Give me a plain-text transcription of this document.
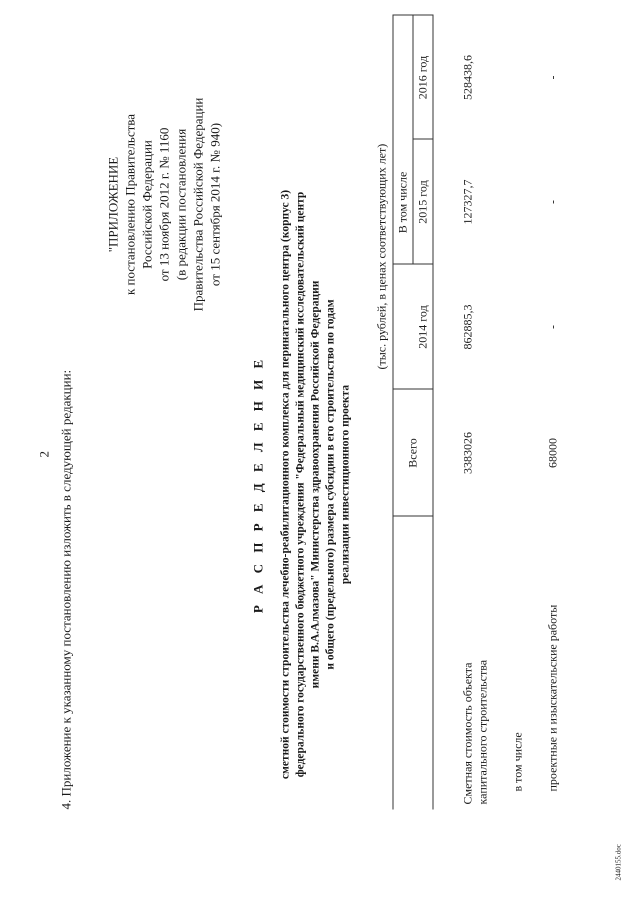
2 4. Приложение к указанному постановлению изложить в следующей редакции:
"ПРИЛОЖЕНИЕ к постановлению Правительства Российской Федерации от 13 ноября 2012 г. № 1160 (в редакции постановления Правительства Российской Федерации от 15 сентября 2014 г. № 940)
Р А С П Р Е Д Е Л Е Н И Е сметной стоимости строительства лечебно-реабилитационного комплекса для перинатального центра (корпус 3) федерального государственного бюджетного учреждения "Федеральный медицинский исследовательский центр имени В.А.Алмазова" Министерства здравоохранения Российской Федерации и общего (предельного) размера субсидии в его строительство по годам реализации инвестиционного проекта
(тыс. рублей, в ценах соответствующих лет)
Всего
В том числе
2014 год
2015 год
2016 год
Сметная стоимость объекта капитального строительства
3383026
862885,3
127327,7
528438,6
в том числе проектные и изыскательские работы
68000
-
-
-
2440155.doc
